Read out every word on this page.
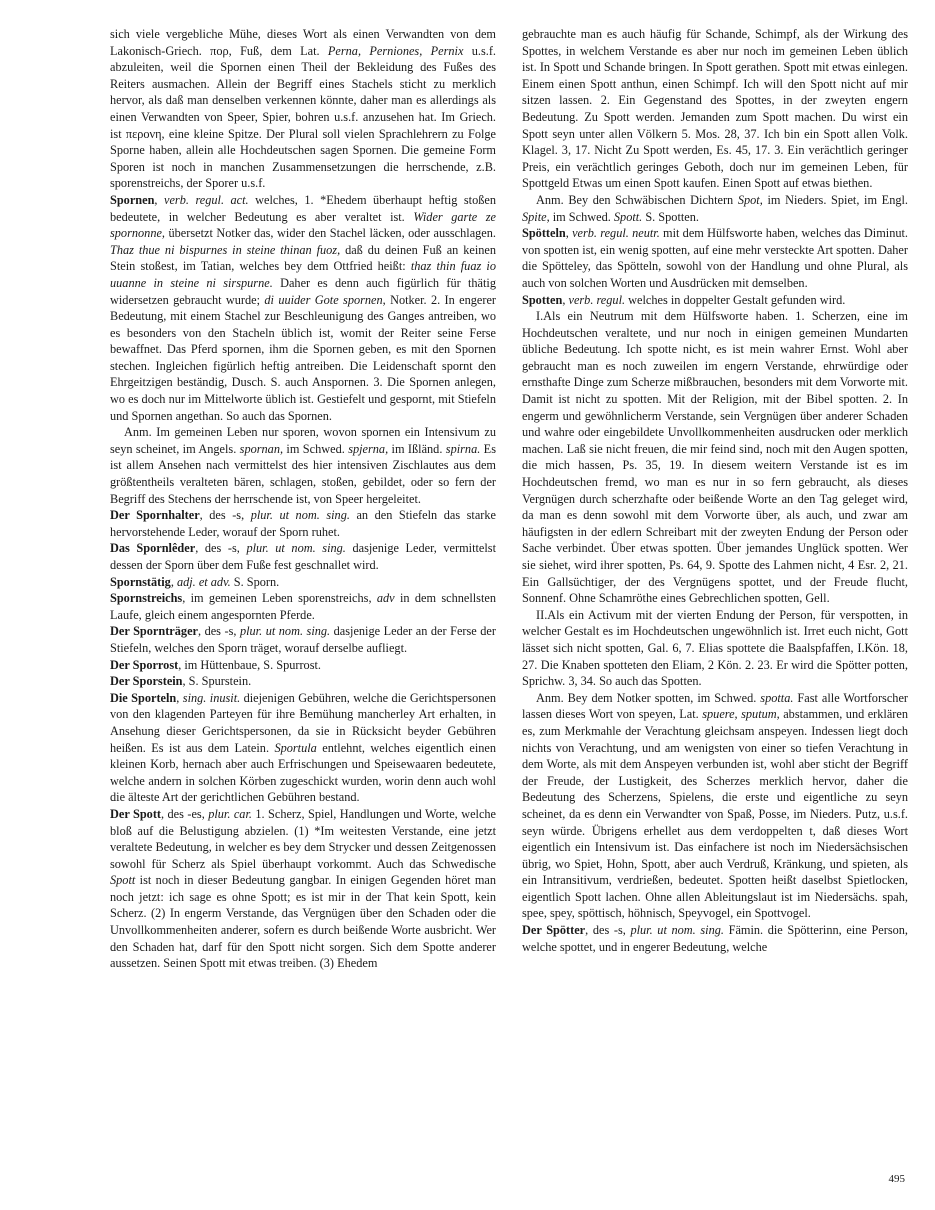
sich viele vergebliche Mühe, dieses Wort als einen Verwandten von dem Lakonisch-Griech. πορ, Fuß, dem Lat. Perna, Perniones, Pernix u.s.f. abzuleiten, weil die Spornen einen Theil der Bekleidung des Fußes des Reiters ausmachen. Allein der Begriff eines Stachels sticht zu merklich hervor, als daß man denselben verkennen könnte, daher man es allerdings als einen Verwandten von Speer, Spier, bohren u.s.f. anzusehen hat. Im Griech. ist περονη, eine kleine Spitze. Der Plural soll vielen Sprachlehrern zu Folge Sporne haben, allein alle Hochdeutschen sagen Spornen. Die gemeine Form Sporen ist noch in manchen Zusammensetzungen die herrschende, z.B. sporenstreichs, der Sporer u.s.f.

Spornen, verb. regul. act. welches, 1. *Ehedem überhaupt heftig stoßen bedeutete, in welcher Bedeutung es aber veraltet ist. Wider garte ze spornonne, übersetzt Notker das, wider den Stachel läcken, oder ausschlagen. Thaz thue ni bispurnes in steine thinan fuoz, daß du deinen Fuß an keinen Stein stoßest, im Tatian, welches bey dem Ottfried heißt: thaz thin fuaz io uuanne in steine ni sirspurne. Daher es denn auch figürlich für thätig widersetzen gebraucht wurde; di uuider Gote spornen, Notker. 2. In engerer Bedeutung, mit einem Stachel zur Beschleunigung des Ganges antreiben, wo es besonders von den Stacheln üblich ist, womit der Reiter seine Ferse bewaffnet. Das Pferd spornen, ihm die Spornen geben, es mit den Spornen stechen. Ingleichen figürlich heftig antreiben. Die Leidenschaft spornt den Ehrgeitzigen beständig, Dusch. S. auch Anspornen. 3. Die Spornen anlegen, wo es doch nur im Mittelworte üblich ist. Gestiefelt und gespornt, mit Stiefeln und Spornen angethan. So auch das Spornen.

Anm. Im gemeinen Leben nur sporen, wovon spornen ein Intensivum zu seyn scheinet, im Angels. spornan, im Schwed. spjerna, im Ißländ. spirna. Es ist allem Ansehen nach vermittelst des hier intensiven Zischlautes aus dem größtentheils veralteten bären, schlagen, stoßen, gebildet, oder so fern der Begriff des Stechens der herrschende ist, von Speer hergeleitet.

Der Spornhalter, des -s, plur. ut nom. sing. an den Stiefeln das starke hervorstehende Leder, worauf der Sporn ruhet.

Das Spornlêder, des -s, plur. ut nom. sing. dasjenige Leder, vermittelst dessen der Sporn über dem Fuße fest geschnallet wird.

Spornstätig, adj. et adv. S. Sporn.

Spornstreichs, im gemeinen Leben sporenstreichs, adv in dem schnellsten Laufe, gleich einem angespornten Pferde.

Der Spornträger, des -s, plur. ut nom. sing. dasjenige Leder an der Ferse der Stiefeln, welches den Sporn träget, worauf derselbe aufliegt.

Der Sporrost, im Hüttenbaue, S. Spurrost.

Der Sporstein, S. Spurstein.

Die Sporteln, sing. inusit. diejenigen Gebühren, welche die Gerichtspersonen von den klagenden Parteyen für ihre Bemühung mancherley Art erhalten, in Ansehung dieser Gerichtspersonen, da sie in Rücksicht beyder Gebühren heißen. Es ist aus dem Latein. Sportula entlehnt, welches eigentlich einen kleinen Korb, hernach aber auch Erfrischungen und Speisewaaren bedeutete, welche andern in solchen Körben zugeschickt wurden, worin denn auch wohl die älteste Art der gerichtlichen Gebühren bestand.

Der Spott, des -es, plur. car. 1. Scherz, Spiel, Handlungen und Worte, welche bloß auf die Belustigung abzielen. (1) *Im weitesten Verstande, eine jetzt veraltete Bedeutung, in welcher es bey dem Strycker und dessen Zeitgenossen sowohl für Scherz als Spiel überhaupt vorkommt. Auch das Schwedische Spott ist noch in dieser Bedeutung gangbar. In einigen Gegenden höret man noch jetzt: ich sage es ohne Spott; es ist mir in der That kein Spott, kein Scherz. (2) In engerm Verstande, das Vergnügen über den Schaden oder die Unvollkommenheiten anderer, sofern es durch beißende Worte ausbricht. Wer den Schaden hat, darf für den Spott nicht sorgen. Sich dem Spotte anderer aussetzen. Seinen Spott mit etwas treiben. (3) Ehedem

gebrauchte man es auch häufig für Schande, Schimpf, als der Wirkung des Spottes, in welchem Verstande es aber nur noch im gemeinen Leben üblich ist. In Spott und Schande bringen. In Spott gerathen. Spott mit etwas einlegen. Einem einen Spott anthun, einen Schimpf. Ich will den Spott nicht auf mir sitzen lassen. 2. Ein Gegenstand des Spottes, in der zweyten engern Bedeutung. Zu Spott werden. Jemanden zum Spott machen. Du wirst ein Spott seyn unter allen Völkern 5. Mos. 28, 37. Ich bin ein Spott allen Volk. Klagel. 3, 17. Nicht Zu Spott werden, Es. 45, 17. 3. Ein verächtlich geringer Preis, ein verächtlich geringes Geboth, doch nur im gemeinen Leben, für Spottgeld Etwas um einen Spott kaufen. Einen Spott auf etwas biethen.

Anm. Bey den Schwäbischen Dichtern Spot, im Nieders. Spiet, im Engl. Spite, im Schwed. Spott. S. Spotten.

Spötteln, verb. regul. neutr. mit dem Hülfsworte haben, welches das Diminut. von spotten ist, ein wenig spotten, auf eine mehr versteckte Art spotten. Daher die Spötteley, das Spötteln, sowohl von der Handlung und ohne Plural, als auch von solchen Worten und Ausdrücken mit demselben.

Spotten, verb. regul. welches in doppelter Gestalt gefunden wird.

I.Als ein Neutrum mit dem Hülfsworte haben. 1. Scherzen, eine im Hochdeutschen veraltete, und nur noch in einigen gemeinen Mundarten übliche Bedeutung. Ich spotte nicht, es ist mein wahrer Ernst. Wohl aber gebraucht man es noch zuweilen im engern Verstande, ehrwürdige oder ernsthafte Dinge zum Scherze mißbrauchen, besonders mit dem Vorworte mit. Damit ist nicht zu spotten. Mit der Religion, mit der Bibel spotten. 2. In engerm und gewöhnlicherm Verstande, sein Vergnügen über anderer Schaden und wahre oder eingebildete Unvollkommenheiten ausdrucken oder merklich machen. Laß sie nicht freuen, die mir feind sind, noch mit den Augen spotten, die mich hassen, Ps. 35, 19. In diesem weitern Verstande ist es im Hochdeutschen fremd, wo man es nur in so fern gebraucht, als dieses Vergnügen durch scherzhafte oder beißende Worte an den Tag geleget wird, da man es denn sowohl mit dem Vorworte über, als auch, und zwar am häufigsten in der edlern Schreibart mit der zweyten Endung der Person oder Sache verbindet. Über etwas spotten. Über jemandes Unglück spotten. Wer sie siehet, wird ihrer spotten, Ps. 64, 9. Spotte des Lahmen nicht, 4 Esr. 2, 21. Ein Gallsüchtiger, der des Vergnügens spottet, und der Freude flucht, Sonnenf. Ohne Schamröthe eines Gebrechlichen spotten, Gell.

II.Als ein Activum mit der vierten Endung der Person, für verspotten, in welcher Gestalt es im Hochdeutschen ungewöhnlich ist. Irret euch nicht, Gott lässet sich nicht spotten, Gal. 6, 7. Elias spottete die Baalspfaffen, I.Kön. 18, 27. Die Knaben spotteten den Eliam, 2 Kön. 2. 23. Er wird die Spötter potten, Sprichw. 3, 34. So auch das Spotten.

Anm. Bey dem Notker spotten, im Schwed. spotta. Fast alle Wortforscher lassen dieses Wort von speyen, Lat. spuere, sputum, abstammen, und erklären es, zum Merkmahle der Verachtung gleichsam anspeyen. Indessen liegt doch nichts von Verachtung, und am wenigsten von einer so tiefen Verachtung in dem Worte, als mit dem Anspeyen verbunden ist, wohl aber sticht der Begriff der Freude, der Lustigkeit, des Scherzes merklich hervor, daher die Bedeutung des Scherzens, Spielens, die erste und eigentliche zu seyn scheinet, da es denn ein Verwandter von Spaß, Posse, im Nieders. Putz, u.s.f. seyn würde. Übrigens erhellet aus dem verdoppelten t, daß dieses Wort eigentlich ein Intensivum ist. Das einfachere ist noch im Niedersächsischen übrig, wo Spiet, Hohn, Spott, aber auch Verdruß, Kränkung, und spieten, als ein Intransitivum, verdrießen, bedeutet. Spotten heißt daselbst Spietlocken, eigentlich Spott lachen. Ohne allen Ableitungslaut ist im Niedersächs. spah, spee, spey, spöttisch, höhnisch, Speyvogel, ein Spottvogel.

Der Spötter, des -s, plur. ut nom. sing. Fämin. die Spötterinn, eine Person, welche spottet, und in engerer Bedeutung, welche

495
